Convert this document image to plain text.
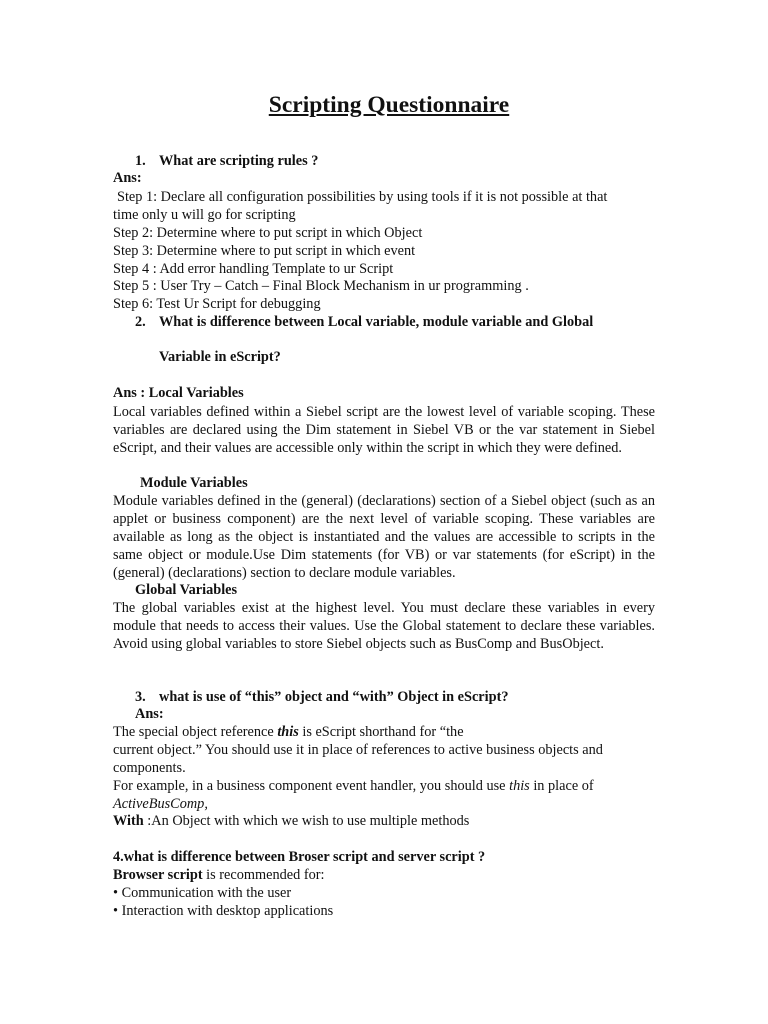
Scripting Questionnaire
1. What are scripting rules ?
Ans:
Step 1: Declare all configuration possibilities by using tools if it is not possible at that
time only u will go for scripting
Step 2: Determine where to put script in which Object
Step 3: Determine where to put script in which event
Step 4 : Add error handling Template to ur Script
Step 5 : User Try – Catch – Final Block Mechanism in ur programming .
Step 6: Test Ur Script for debugging
2. What is difference between Local variable, module variable and Global
Variable in eScript?
Ans : Local Variables
Local variables defined within a Siebel script are the lowest level of variable scoping. These variables are declared using the Dim statement in Siebel VB or the var statement in Siebel eScript, and their values are accessible only within the script in which they were defined.
Module Variables
Module variables defined in the (general) (declarations) section of a Siebel object (such as an applet or business component) are the next level of variable scoping. These variables are available as long as the object is instantiated and the values are accessible to scripts in the same object or module.Use Dim statements (for VB) or var statements (for eScript) in the (general) (declarations) section to declare module variables.
Global Variables
The global variables exist at the highest level. You must declare these variables in every module that needs to access their values. Use the Global statement to declare these variables. Avoid using global variables to store Siebel objects such as BusComp and BusObject.
3. what is use of “this” object and “with” Object in eScript?
Ans:
The special object reference this is eScript shorthand for “the
current object.” You should use it in place of references to active business objects and
components.
For example, in a business component event handler, you should use this in place of
ActiveBusComp,
With :An Object with which we wish to use multiple methods
4.what is difference between Broser script and server script ?
Browser script is recommended for:
• Communication with the user
• Interaction with desktop applications
